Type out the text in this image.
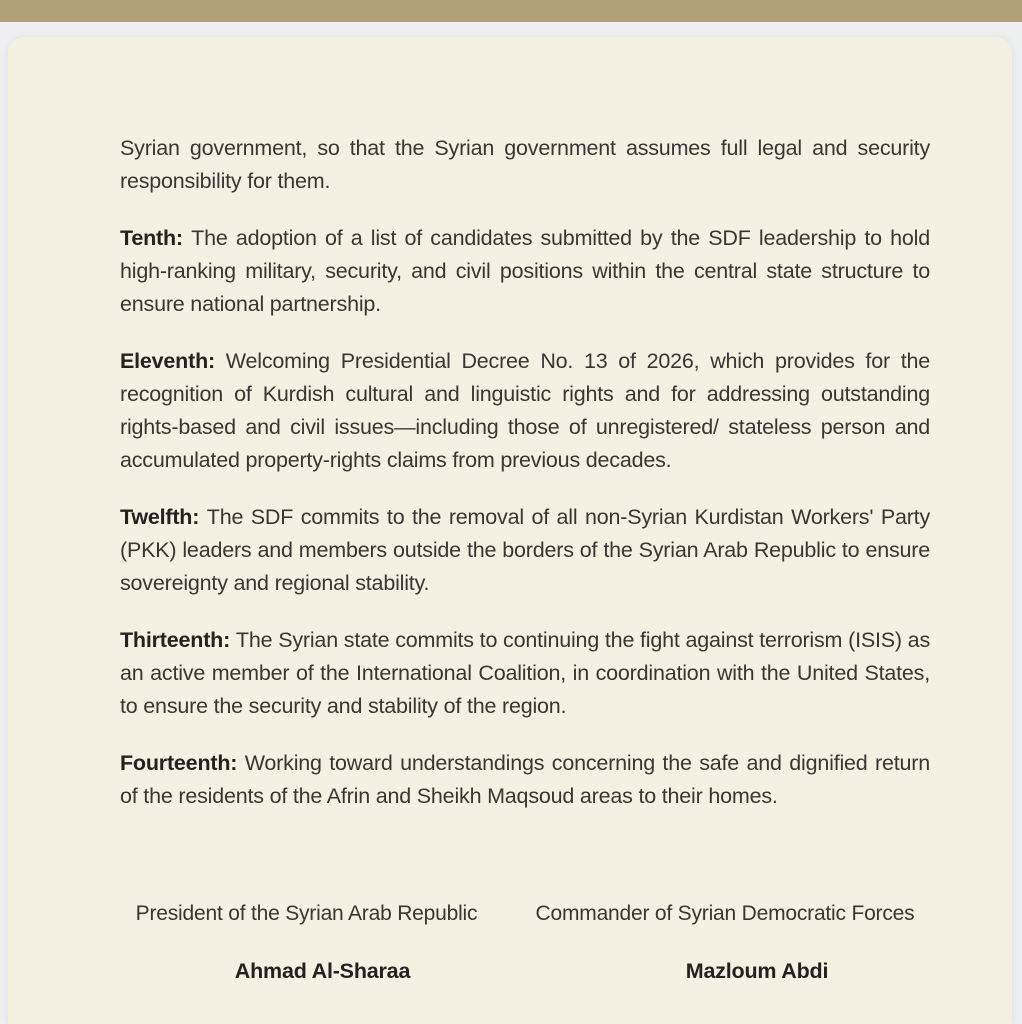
Syrian government, so that the Syrian government assumes full legal and security responsibility for them.

Tenth: The adoption of a list of candidates submitted by the SDF leadership to hold high-ranking military, security, and civil positions within the central state structure to ensure national partnership.

Eleventh: Welcoming Presidential Decree No. 13 of 2026, which provides for the recognition of Kurdish cultural and linguistic rights and for addressing outstanding rights-based and civil issues—including those of unregistered/ stateless person and accumulated property-rights claims from previous decades.

Twelfth: The SDF commits to the removal of all non-Syrian Kurdistan Workers' Party (PKK) leaders and members outside the borders of the Syrian Arab Republic to ensure sovereignty and regional stability.

Thirteenth: The Syrian state commits to continuing the fight against terrorism (ISIS) as an active member of the International Coalition, in coordination with the United States, to ensure the security and stability of the region.

Fourteenth: Working toward understandings concerning the safe and dignified return of the residents of the Afrin and Sheikh Maqsoud areas to their homes.

President of the Syrian Arab Republic
Ahmad Al-Sharaa
Commander of Syrian Democratic Forces
Mazloum Abdi
